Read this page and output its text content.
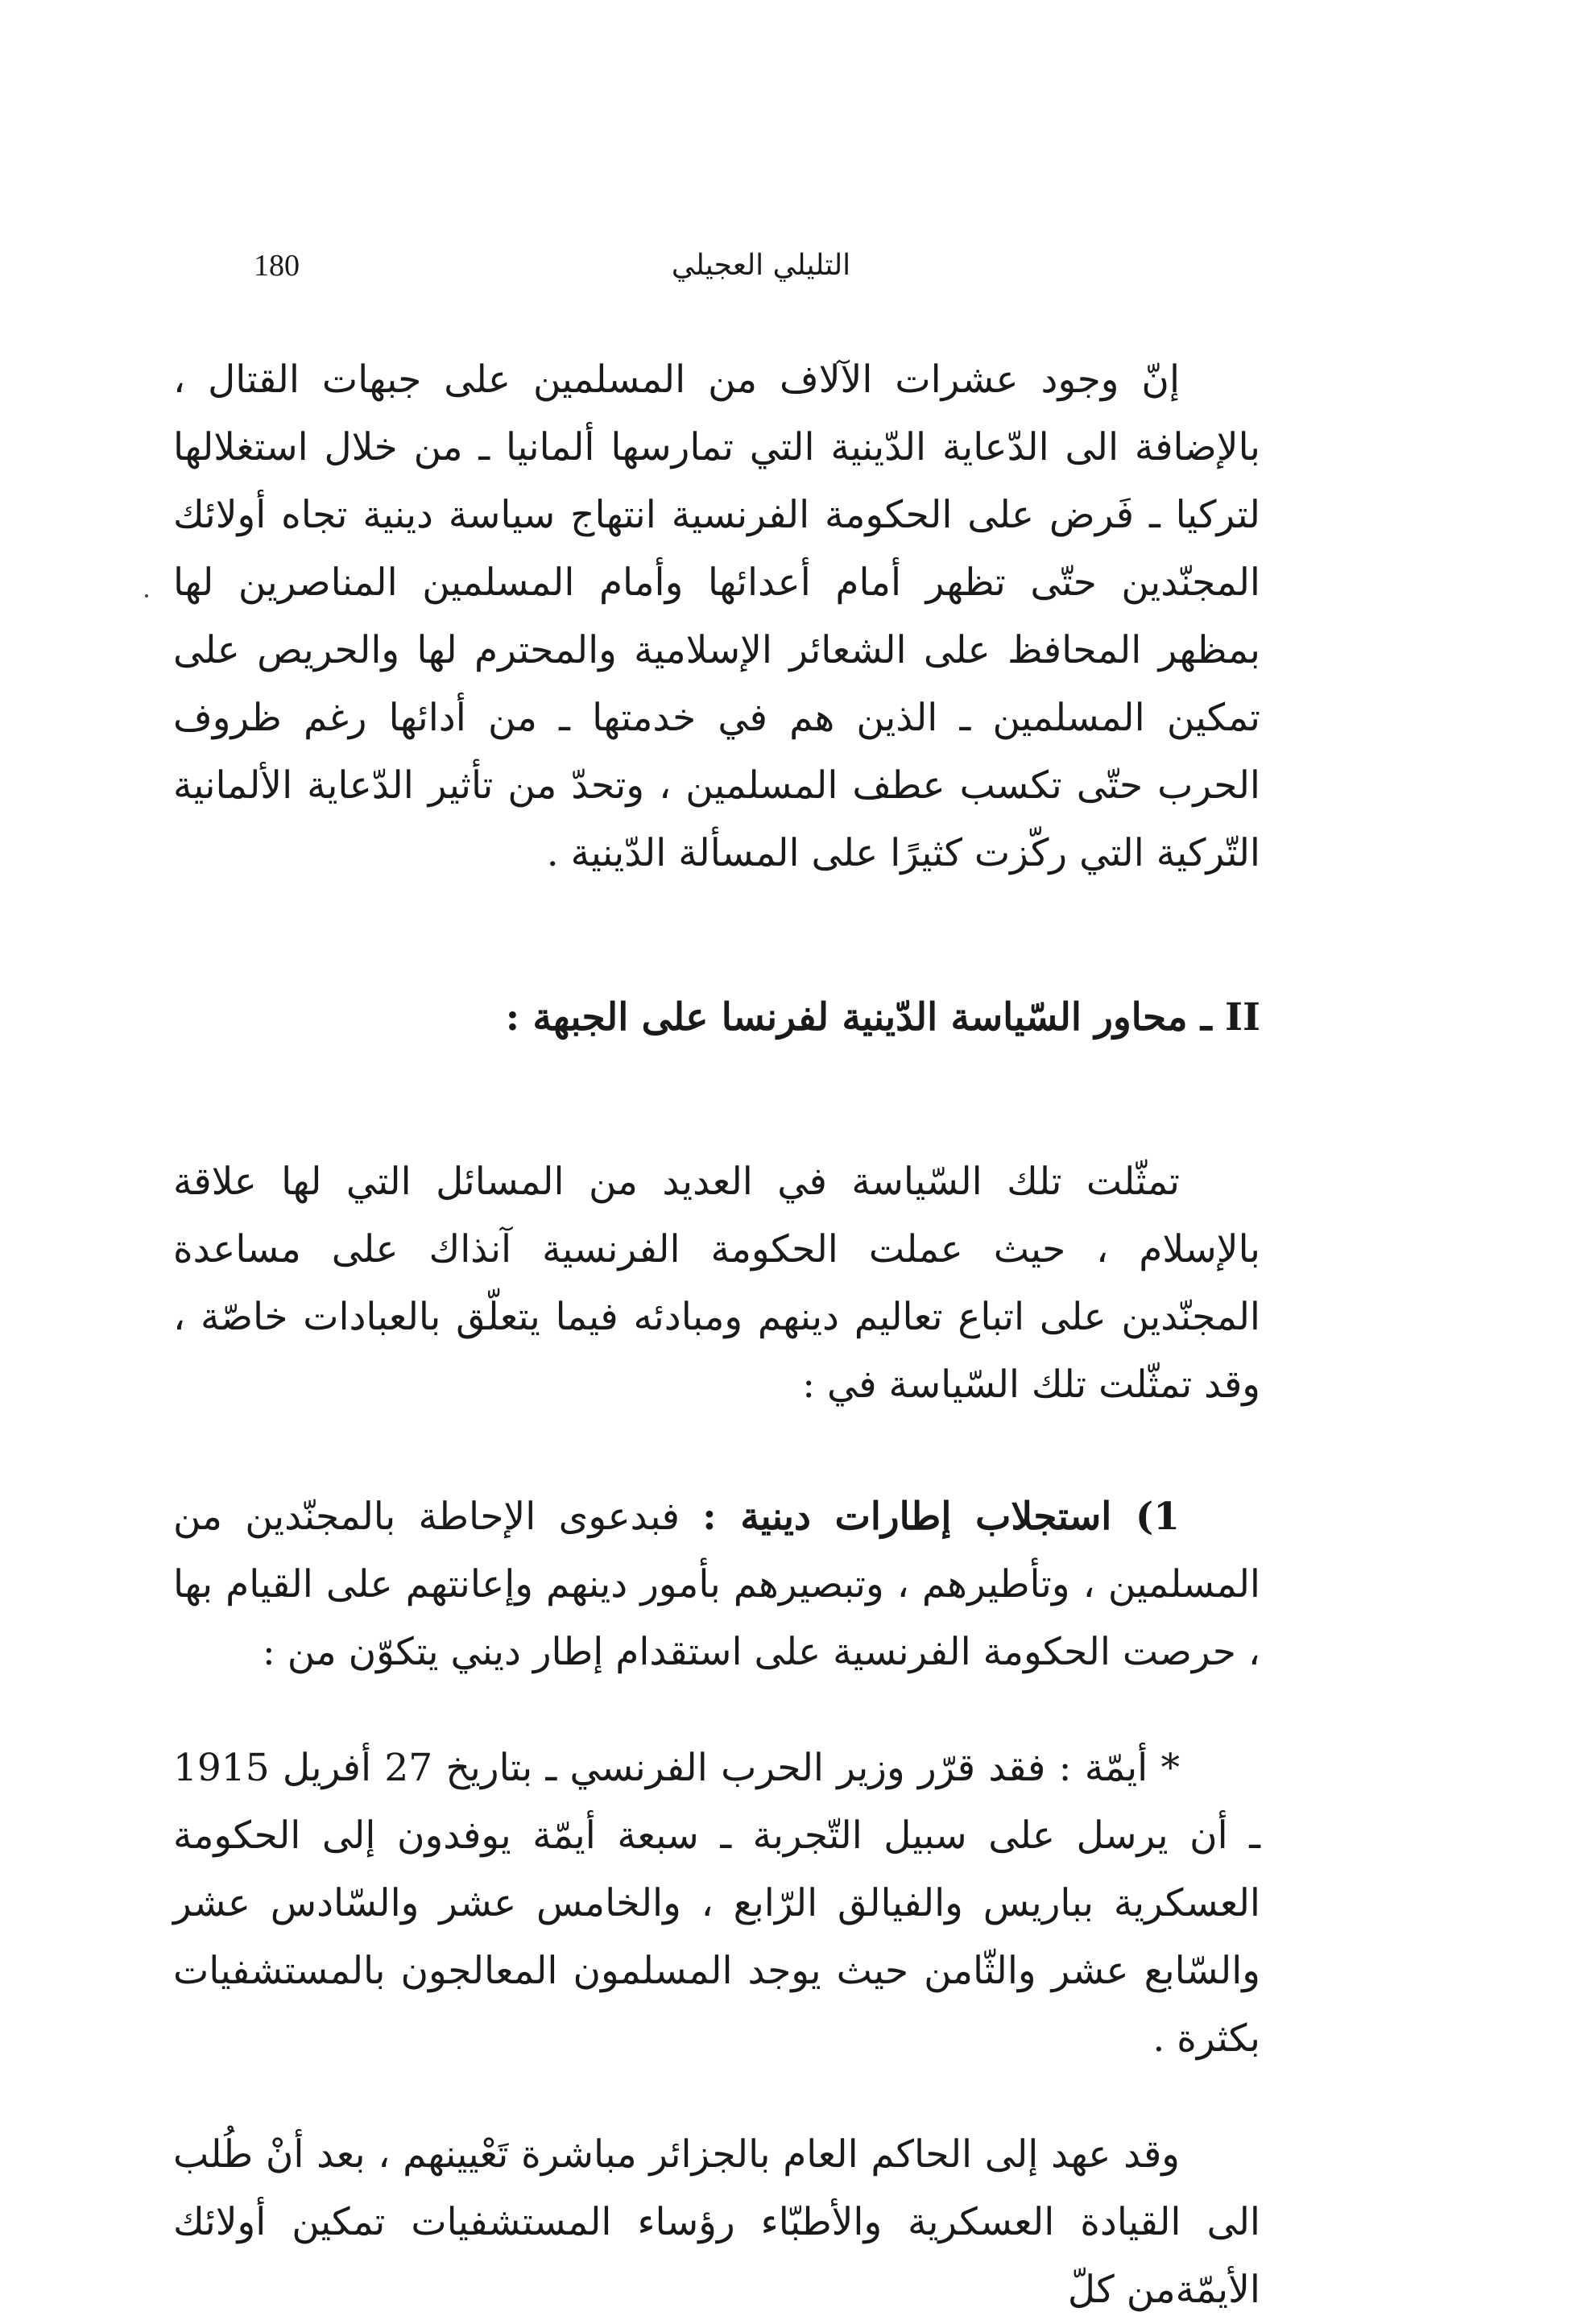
180	التليلي العجيلي

إنّ وجود عشرات الآلاف من المسلمين على جبهات القتال ، بالإضافة الى الدّعاية الدّينية التي تمارسها ألمانيا ـ من خلال استغلالها لتركيا ـ فَرض على الحكومة الفرنسية انتهاج سياسة دينية تجاه أولائك المجنّدين حتّى تظهر أمام أعدائها وأمام المسلمين المناصرين لها بمظهر المحافظ على الشعائر الإسلامية والمحترم لها والحريص على تمكين المسلمين ـ الذين هم في خدمتها ـ من أدائها رغم ظروف الحرب حتّى تكسب عطف المسلمين ، وتحدّ من تأثير الدّعاية الألمانية التّركية التي ركّزت كثيرًا على المسألة الدّينية .

II ـ محاور السّياسة الدّينية لفرنسا على الجبهة :

تمثّلت تلك السّياسة في العديد من المسائل التي لها علاقة بالإسلام ، حيث عملت الحكومة الفرنسية آنذاك على مساعدة المجنّدين على اتباع تعاليم دينهم ومبادئه فيما يتعلّق بالعبادات خاصّة ، وقد تمثّلت تلك السّياسة في :

1) استجلاب إطارات دينية : فبدعوى الإحاطة بالمجنّدين من المسلمين ، وتأطيرهم ، وتبصيرهم بأمور دينهم وإعانتهم على القيام بها ، حرصت الحكومة الفرنسية على استقدام إطار ديني يتكوّن من :

* أيمّة : فقد قرّر وزير الحرب الفرنسي ـ بتاريخ 27 أفريل 1915 ـ أن يرسل على سبيل التّجربة ـ سبعة أيمّة يوفدون إلى الحكومة العسكرية بباريس والفيالق الرّابع ، والخامس عشر والسّادس عشر والسّابع عشر والثّامن حيث يوجد المسلمون المعالجون بالمستشفيات بكثرة .

وقد عهد إلى الحاكم العام بالجزائر مباشرة تَعْيينهم ، بعد أنْ طُلب الى القيادة العسكرية والأطبّاء رؤساء المستشفيات تمكين أولائك الأيمّةمن كلّ
